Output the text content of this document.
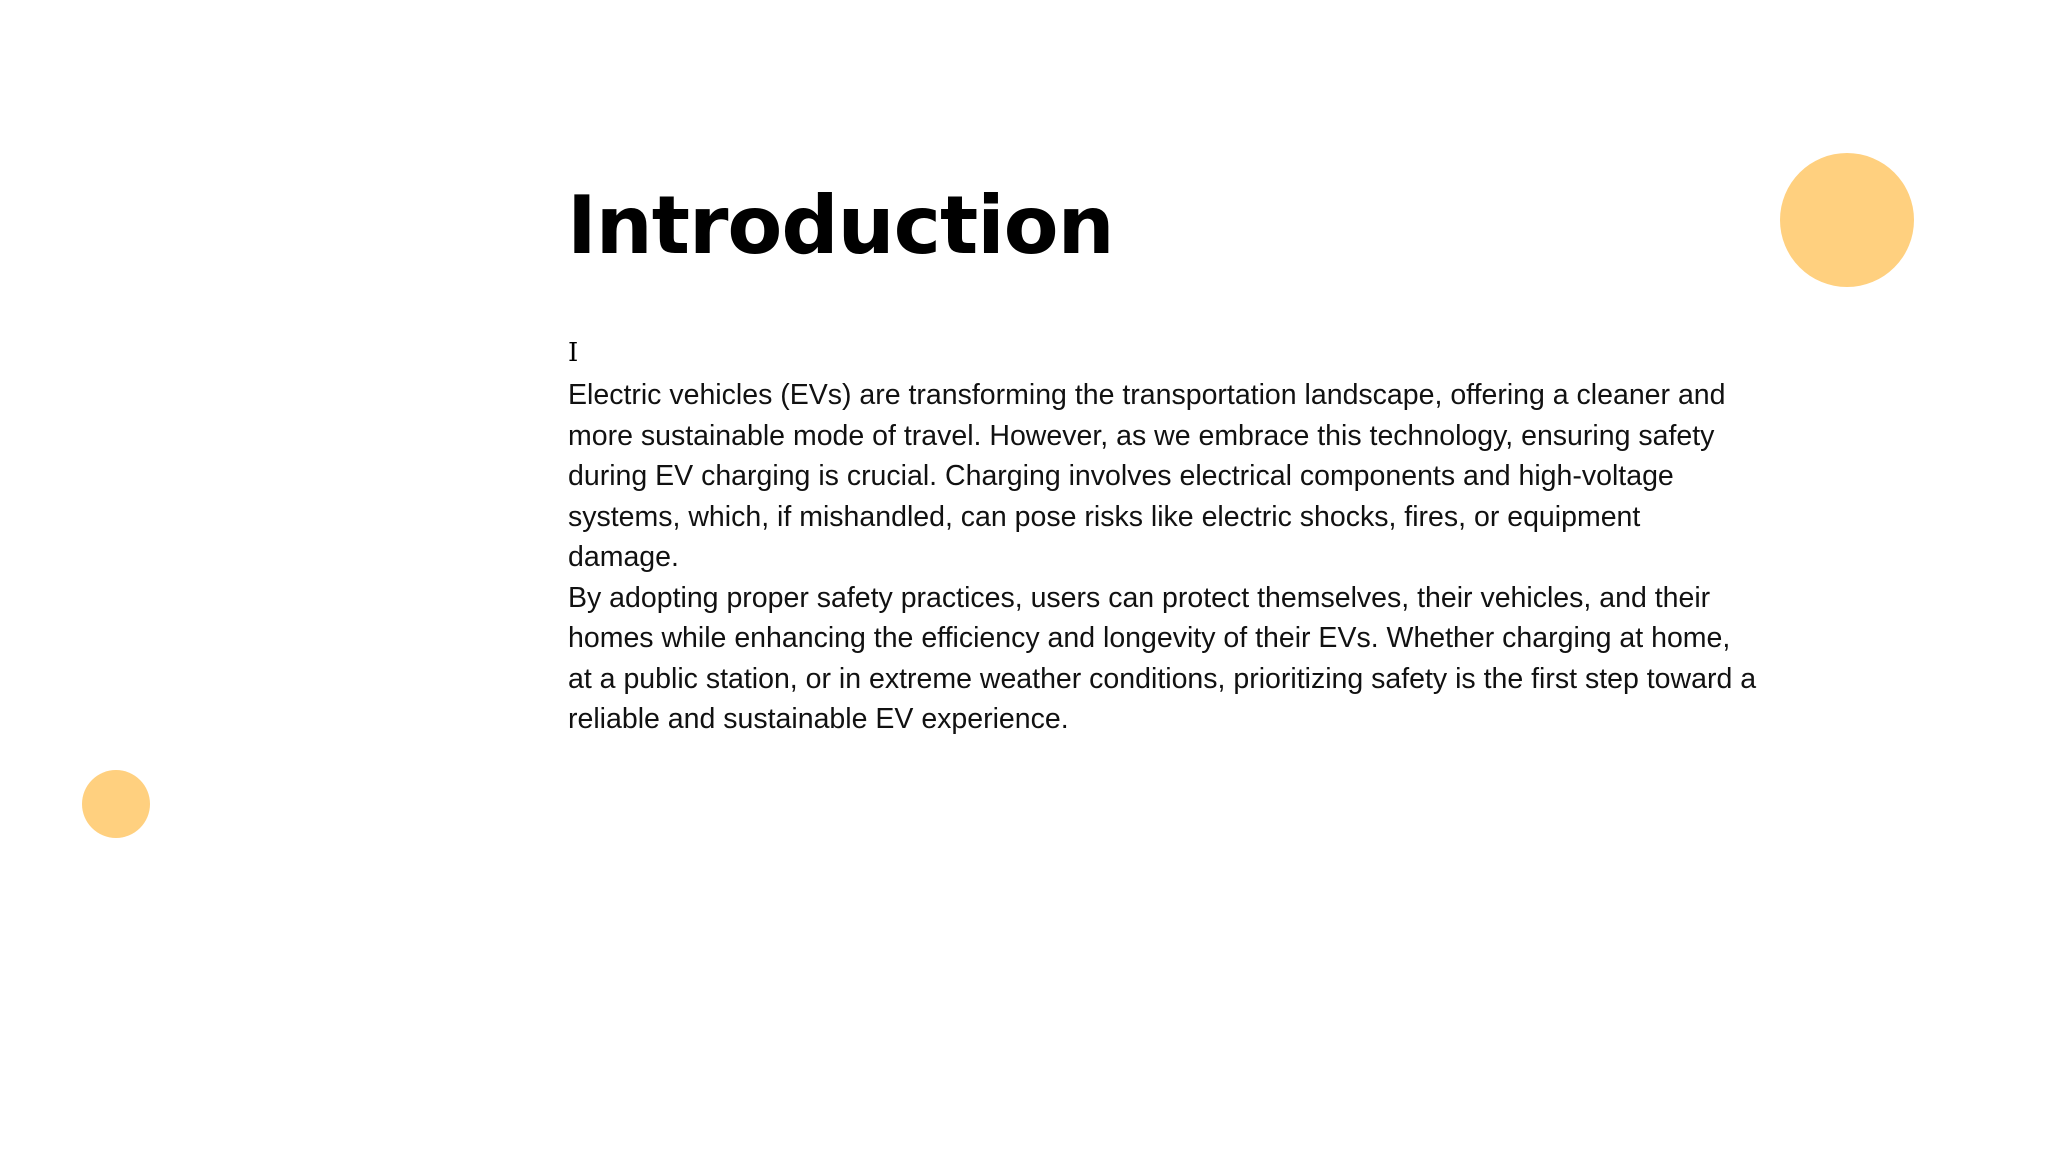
Introduction
I

Electric vehicles (EVs) are transforming the transportation landscape, offering a cleaner and more sustainable mode of travel. However, as we embrace this technology, ensuring safety during EV charging is crucial. Charging involves electrical components and high-voltage systems, which, if mishandled, can pose risks like electric shocks, fires, or equipment damage.

By adopting proper safety practices, users can protect themselves, their vehicles, and their homes while enhancing the efficiency and longevity of their EVs. Whether charging at home, at a public station, or in extreme weather conditions, prioritizing safety is the first step toward a reliable and sustainable EV experience.
